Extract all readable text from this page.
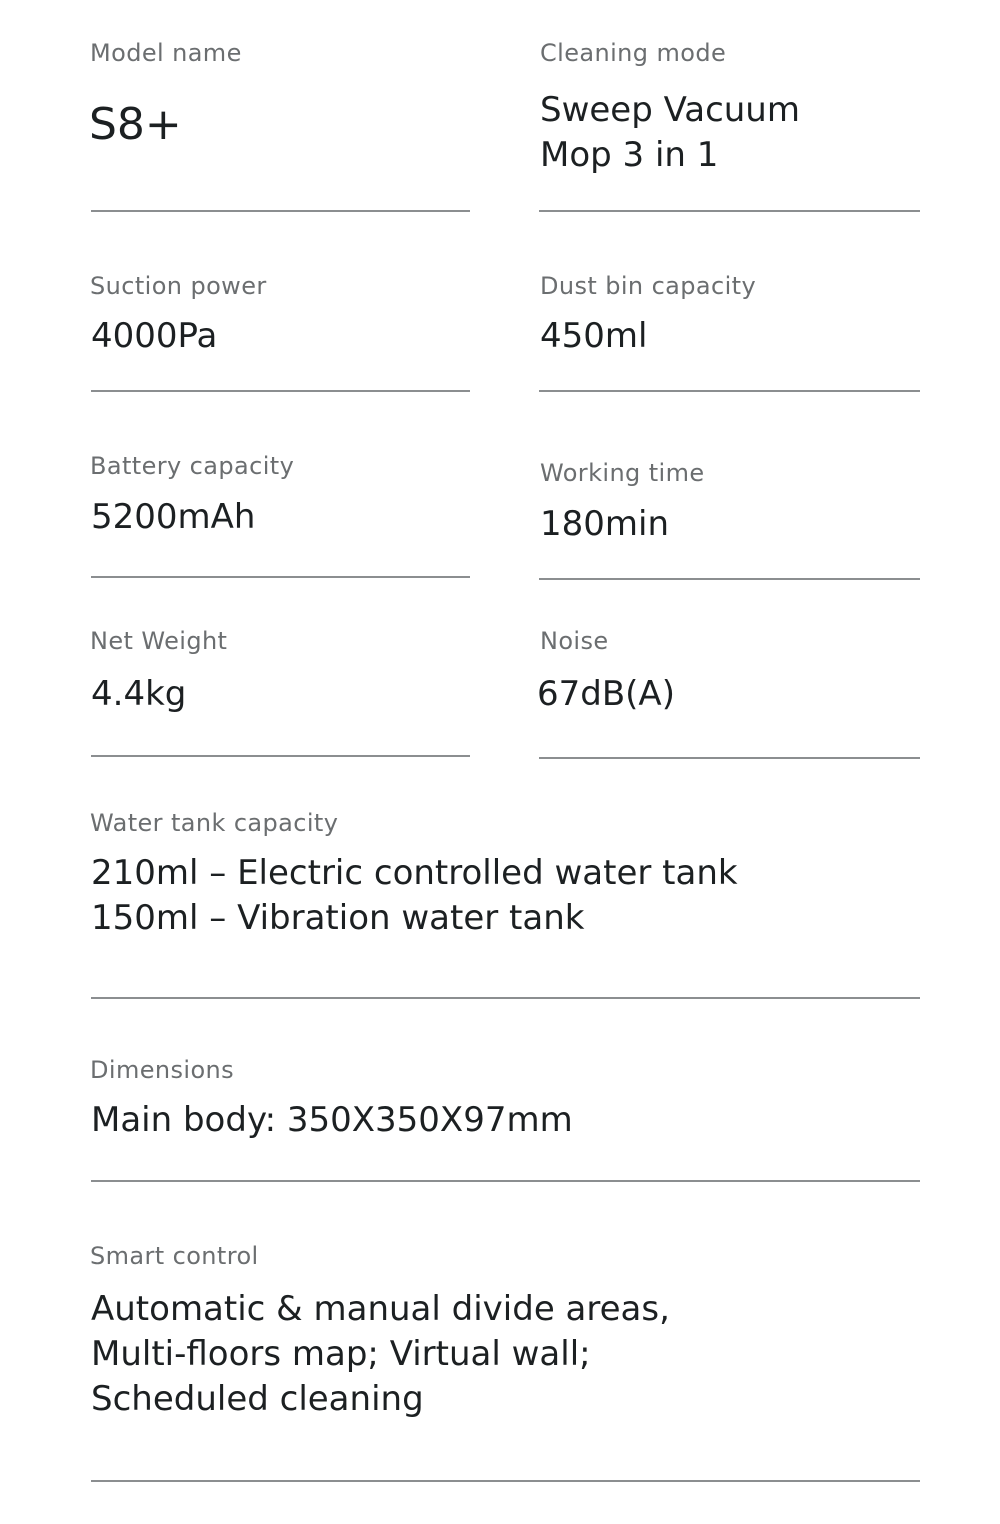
Model name
S8+
Cleaning mode
Sweep Vacuum
Mop 3 in 1
Suction power
4000Pa
Dust bin capacity
450ml
Battery capacity
5200mAh
Working time
180min
Net Weight
4.4kg
Noise
67dB(A)
Water tank capacity
210ml – Electric controlled water tank
150ml – Vibration water tank
Dimensions
Main body: 350X350X97mm
Smart control
Automatic & manual divide areas,
Multi-floors map; Virtual wall;
Scheduled cleaning
